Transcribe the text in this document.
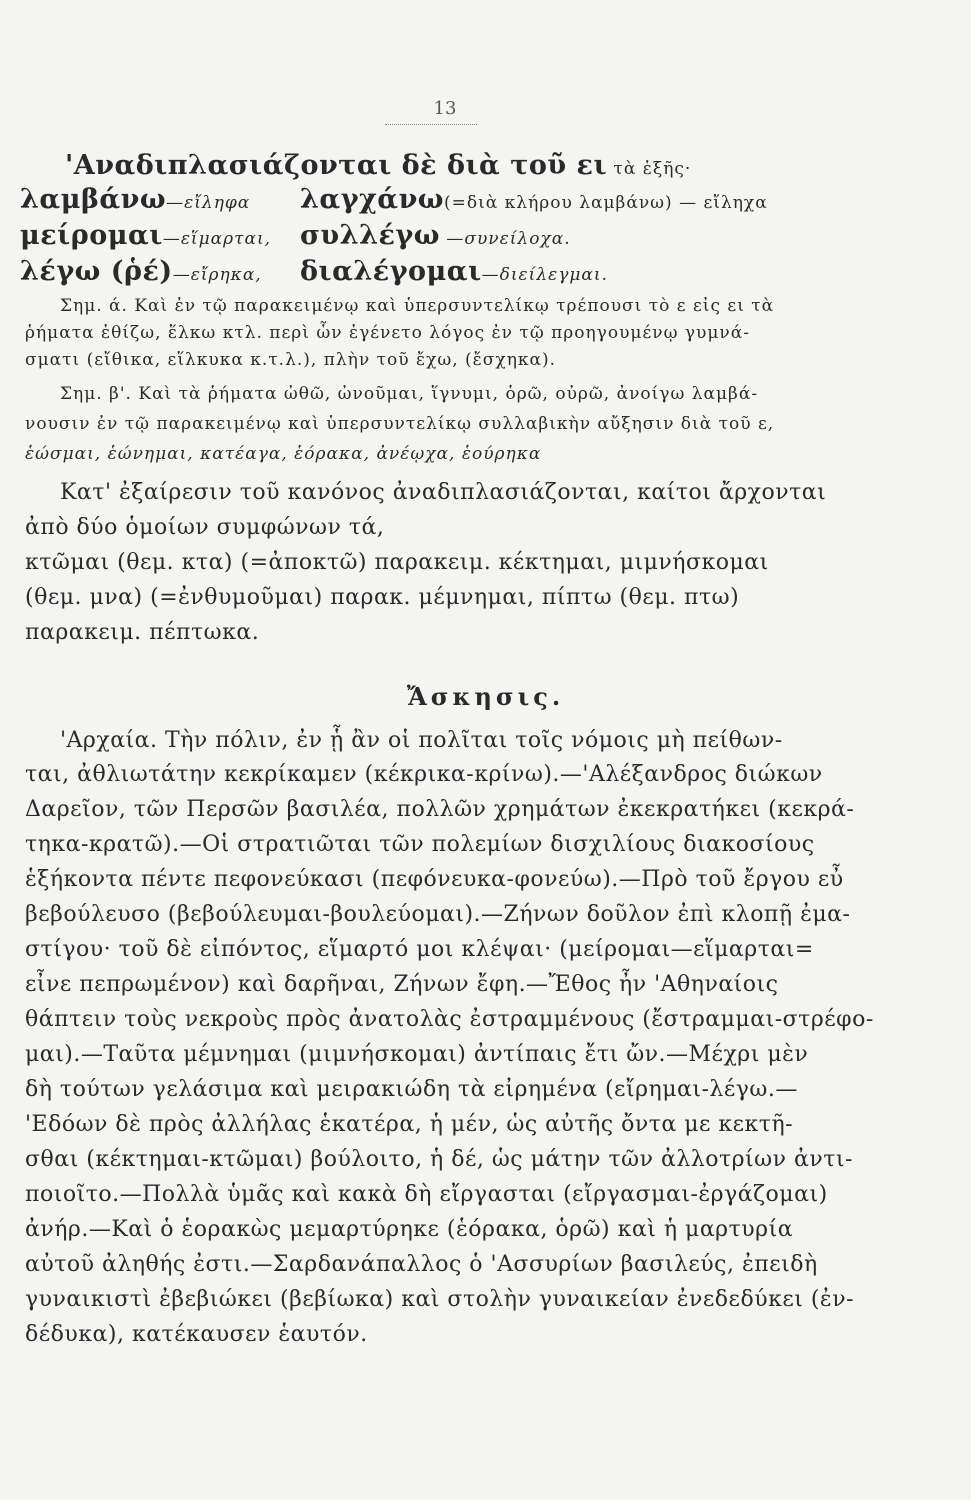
13
'Αναδιπλασιάζονται δὲ διὰ τοῦ ει τὰ ἑξῆς·
λαμβάνω—εἴληφα λαγχάνω(=διὰ κλήρου λαμβάνω) — εἴληχα
μείρομαι—εἵμαρται, συλλέγω —συνείλοχα.
λέγω (ῥέ)—εἴρηκα, διαλέγομαι—διείλεγμαι.
Σημ. ά. Καὶ ἐν τῷ παρακειμένῳ καὶ ὑπερσυντελίκῳ τρέπουσι τὸ ε εἰς ει τὰ
ῥήματα ἐθίζω, ἕλκω κτλ. περὶ ὧν ἐγένετο λόγος ἐν τῷ προηγουμένῳ γυμνά-
σματι (εἴθικα, εἵλκυκα κ.τ.λ.), πλὴν τοῦ ἔχω, (ἔσχηκα).
Σημ. β'. Καὶ τὰ ῥήματα ὠθῶ, ὠνοῦμαι, ἵγνυμι, ὁρῶ, οὐρῶ, ἀνοίγω λαμβά-
νουσιν ἐν τῷ παρακειμένῳ καὶ ὑπερσυντελίκῳ συλλαβικὴν αὔξησιν διὰ τοῦ ε,
ἑώσμαι, ἑώνημαι, κατέαγα, ἑόρακα, ἀνέῳχα, ἑούρηκα
Κατ' ἐξαίρεσιν τοῦ κανόνος ἀναδιπλασιάζονται, καίτοι ἄρχονται
ἀπὸ δύο ὁμοίων συμφώνων τά,
κτῶμαι (θεμ. κτα) (=ἀποκτῶ) παρακειμ. κέκτημαι, μιμνήσκομαι
(θεμ. μνα) (=ἐνθυμοῦμαι) παρακ. μέμνημαι, πίπτω (θεμ. πτω)
παρακειμ. πέπτωκα.
Ἄσκησις.
'Αρχαία. Τὴν πόλιν, ἐν ᾗ ἂν οἱ πολῖται τοῖς νόμοις μὴ πείθων-
ται, ἀθλιωτάτην κεκρίκαμεν (κέκρικα-κρίνω).—'Αλέξανδρος διώκων
Δαρεῖον, τῶν Περσῶν βασιλέα, πολλῶν χρημάτων ἐκεκρατήκει (κεκρά-
τηκα-κρατῶ).—Οἱ στρατιῶται τῶν πολεμίων δισχιλίους διακοσίους
ἑξήκοντα πέντε πεφονεύκασι (πεφόνευκα-φονεύω).—Πρὸ τοῦ ἔργου εὖ
βεβούλευσο (βεβούλευμαι-βουλεύομαι).—Ζήνων δοῦλον ἐπὶ κλοπῇ ἐμα-
στίγου· τοῦ δὲ εἰπόντος, εἵμαρτό μοι κλέψαι· (μείρομαι—εἵμαρται=
εἶνε πεπρωμένον) καὶ δαρῆναι, Ζήνων ἔφη.—Ἔθος ἦν 'Αθηναίοις
θάπτειν τοὺς νεκροὺς πρὸς ἀνατολὰς ἐστραμμένους (ἔστραμμαι-στρέφο-
μαι).—Ταῦτα μέμνημαι (μιμνήσκομαι) ἀντίπαις ἔτι ὤν.—Μέχρι μὲν
δὴ τούτων γελάσιμα καὶ μειρακιώδη τὰ εἰρημένα (εἴρημαι-λέγω.—
'Εδόων δὲ πρὸς ἀλλήλας ἑκατέρα, ἡ μέν, ὡς αὐτῆς ὄντα με κεκτῆ-
σθαι (κέκτημαι-κτῶμαι) βούλοιτο, ἡ δέ, ὡς μάτην τῶν ἀλλοτρίων ἀντι-
ποιοῖτο.—Πολλὰ ὑμᾶς καὶ κακὰ δὴ εἴργασται (εἴργασμαι-ἐργάζομαι)
ἀνήρ.—Καὶ ὁ ἑορακὼς μεμαρτύρηκε (ἑόρακα, ὁρῶ) καὶ ἡ μαρτυρία
αὐτοῦ ἀληθής ἐστι.—Σαρδανάπαλλος ὁ 'Ασσυρίων βασιλεύς, ἐπειδὴ
γυναικιστὶ ἐβεβιώκει (βεβίωκα) καὶ στολὴν γυναικείαν ἐνεδεδύκει (ἐν-
δέδυκα), κατέκαυσεν ἑαυτόν.
